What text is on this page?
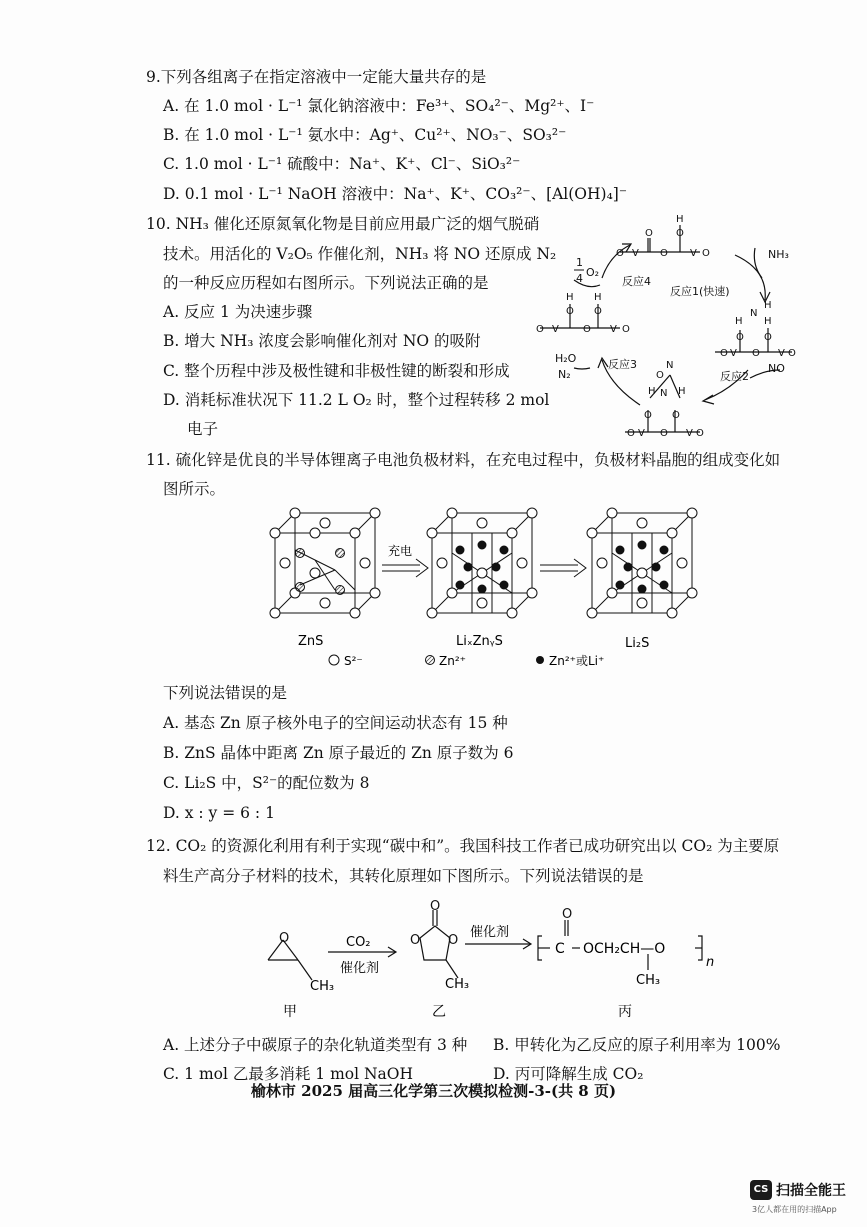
9.下列各组离子在指定溶液中一定能大量共存的是
A. 在 1.0 mol · L⁻¹ 氯化钠溶液中：Fe³⁺、SO₄²⁻、Mg²⁺、I⁻
B. 在 1.0 mol · L⁻¹ 氨水中：Ag⁺、Cu²⁺、NO₃⁻、SO₃²⁻
C. 1.0 mol · L⁻¹ 硫酸中：Na⁺、K⁺、Cl⁻、SiO₃²⁻
D. 0.1 mol · L⁻¹ NaOH 溶液中：Na⁺、K⁺、CO₃²⁻、[Al(OH)₄]⁻
10. NH₃ 催化还原氮氧化物是目前应用最广泛的烟气脱硝
技术。用活化的 V₂O₅ 作催化剂，NH₃ 将 NO 还原成 N₂
的一种反应历程如右图所示。下列说法正确的是
A. 反应 1 为决速步骤
B. 增大 NH₃ 浓度会影响催化剂对 NO 的吸附
C. 整个历程中涉及极性键和非极性键的断裂和形成
D. 消耗标准状况下 11.2 L O₂ 时，整个过程转移 2 mol
电子
O V O V O
O
H
O
O V O V O
H
O
H
O
O V O V O
H
N
H
H
O O
O V O V O
O
N
H N H
O O
反应4
反应1(快速)
反应2
反应3
NH₃
NO
H₂O
N₂
1
4 O₂
11. 硫化锌是优良的半导体锂离子电池负极材料，在充电过程中，负极材料晶胞的组成变化如
图所示。
充电
ZnS	LiₓZnᵧS	Li₂S
S²⁻	Zn²⁺	Zn²⁺或Li⁺
下列说法错误的是
A. 基态 Zn 原子核外电子的空间运动状态有 15 种
B. ZnS 晶体中距离 Zn 原子最近的 Zn 原子数为 6
C. Li₂S 中，S²⁻的配位数为 8
D. x : y = 6 : 1
12. CO₂ 的资源化利用有利于实现“碳中和”。我国科技工作者已成功研究出以 CO₂ 为主要原
料生产高分子材料的技术，其转化原理如下图所示。下列说法错误的是
O
CH₃
CO₂
催化剂
O
O O
CH₃
催化剂
O
C OCH₂CH—O
n
CH₃
甲	乙	丙
A. 上述分子中碳原子的杂化轨道类型有 3 种 B. 甲转化为乙反应的原子利用率为 100%
C. 1 mol 乙最多消耗 1 mol NaOH	D. 丙可降解生成 CO₂
榆林市 2025 届高三化学第三次模拟检测-3-(共 8 页)
CS 扫描全能王
3亿人都在用的扫描App
